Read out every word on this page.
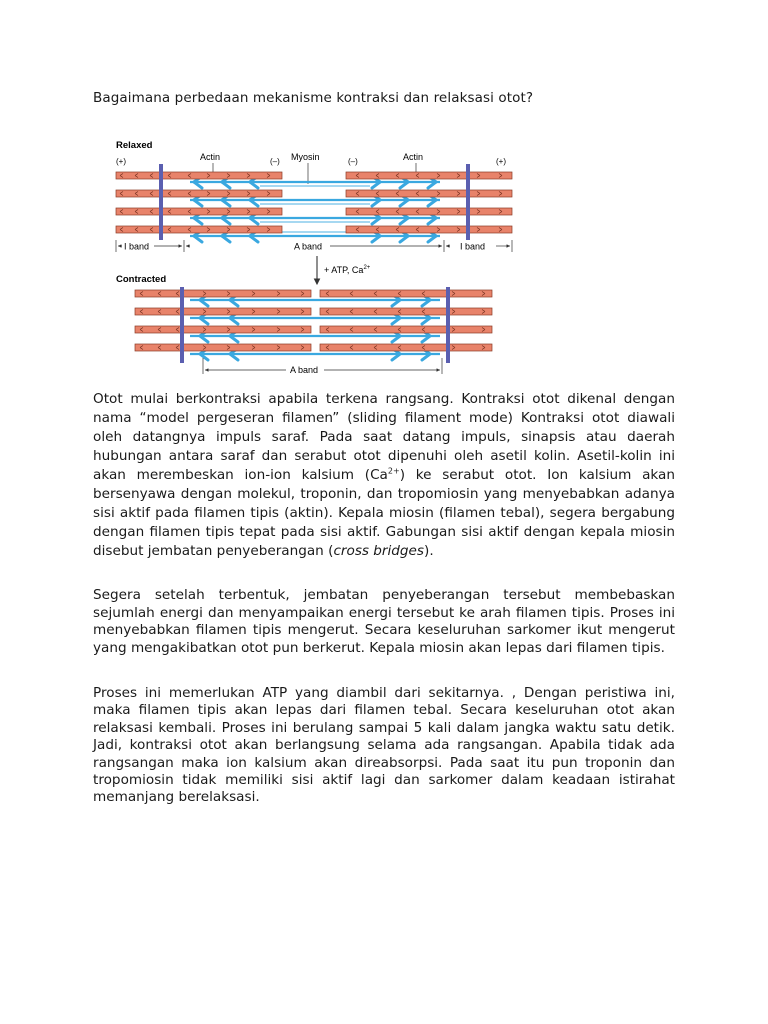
Bagaimana perbedaan mekanisme kontraksi dan relaksasi otot?
Relaxed
(+)	Actin	(–) Myosin	(–)	Actin	(+)
I band	A band	I band
+ ATP, $Ca^{2+}$
Contracted
A band
Otot mulai berkontraksi apabila terkena rangsang. Kontraksi otot dikenal dengan nama “model pergeseran filamen” (sliding filament mode) Kontraksi otot diawali oleh datangnya impuls saraf. Pada saat datang impuls, sinapsis atau daerah hubungan antara saraf dan serabut otot dipenuhi oleh asetil kolin. Asetil-kolin ini akan merembeskan ion-ion kalsium $(Ca^{2+})$ ke serabut otot. Ion kalsium akan bersenyawa dengan molekul, troponin, dan tropomiosin yang menyebabkan adanya sisi aktif pada filamen tipis (aktin). Kepala miosin (filamen tebal), segera bergabung dengan filamen tipis tepat pada sisi aktif. Gabungan sisi aktif dengan kepala miosin disebut jembatan penyeberangan (cross bridges).
Segera setelah terbentuk, jembatan penyeberangan tersebut membebaskan sejumlah energi dan menyampaikan energi tersebut ke arah filamen tipis. Proses ini menyebabkan filamen tipis mengerut. Secara keseluruhan sarkomer ikut mengerut yang mengakibatkan otot pun berkerut. Kepala miosin akan lepas dari filamen tipis.
Proses ini memerlukan ATP yang diambil dari sekitarnya. , Dengan peristiwa ini, maka filamen tipis akan lepas dari filamen tebal. Secara keseluruhan otot akan relaksasi kembali. Proses ini berulang sampai 5 kali dalam jangka waktu satu detik. Jadi, kontraksi otot akan berlangsung selama ada rangsangan. Apabila tidak ada rangsangan maka ion kalsium akan direabsorpsi. Pada saat itu pun troponin dan tropomiosin tidak memiliki sisi aktif lagi dan sarkomer dalam keadaan istirahat memanjang berelaksasi.
